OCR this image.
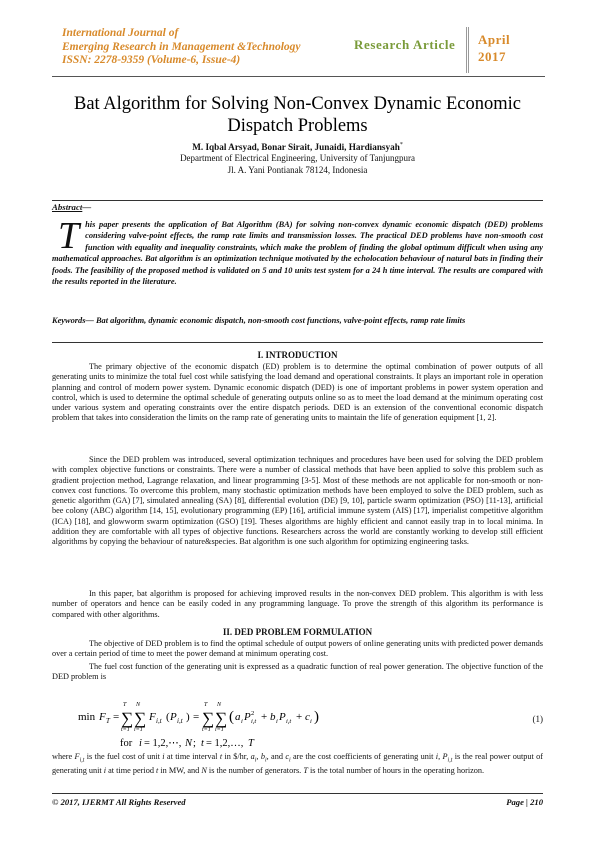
International Journal of
Emerging Research in Management &Technology
ISSN: 2278-9359 (Volume-6, Issue-4)
Research Article April
2017
Bat Algorithm for Solving Non-Convex Dynamic Economic
Dispatch Problems
M. Iqbal Arsyad, Bonar Sirait, Junaidi, Hardiansyah*
Department of Electrical Engineering, University of Tanjungpura
Jl. A. Yani Pontianak 78124, Indonesia
Abstract—
This paper presents the application of Bat Algorithm (BA) for solving non-convex dynamic economic dispatch (DED) problems considering valve-point effects, the ramp rate limits and transmission losses. The practical DED problems have non-smooth cost function with equality and inequality constraints, which make the problem of finding the global optimum difficult when using any mathematical approaches. Bat algorithm is an optimization technique motivated by the echolocation behaviour of natural bats in finding their foods. The feasibility of the proposed method is validated on 5 and 10 units test system for a 24 h time interval. The results are compared with the results reported in the literature.
Keywords— Bat algorithm, dynamic economic dispatch, non-smooth cost functions, valve-point effects, ramp rate limits
I. INTRODUCTION
The primary objective of the economic dispatch (ED) problem is to determine the optimal combination of power outputs of all generating units to minimize the total fuel cost while satisfying the load demand and operational constraints. It plays an important role in operation planning and control of modern power system. Dynamic economic dispatch (DED) is one of important problems in power system operation and control, which is used to determine the optimal schedule of generating outputs online so as to meet the load demand at the minimum operating cost under various system and operating constraints over the entire dispatch periods. DED is an extension of the conventional economic dispatch problem that takes into consideration the limits on the ramp rate of generating units to maintain the life of generation equipment [1, 2].
Since the DED problem was introduced, several optimization techniques and procedures have been used for solving the DED problem with complex objective functions or constraints. There were a number of classical methods that have been applied to solve this problem such as gradient projection method, Lagrange relaxation, and linear programming [3-5]. Most of these methods are not applicable for non-smooth or non-convex cost functions. To overcome this problem, many stochastic optimization methods have been employed to solve the DED problem, such as genetic algorithm (GA) [7], simulated annealing (SA) [8], differential evolution (DE) [9, 10], particle swarm optimization (PSO) [11-13], artificial bee colony (ABC) algorithm [14, 15], evolutionary programming (EP) [16], artificial immune system (AIS) [17], imperialist competitive algorithm (ICA) [18], and glowworm swarm optimization (GSO) [19]. Theses algorithms are highly efficient and cannot easily trap in to local minima. In addition they are comfortable with all types of objective functions. Researchers across the world are constantly working to develop still efficient algorithms by copying the behaviour of nature&species. Bat algorithm is one such algorithm for optimizing engineering tasks.
In this paper, bat algorithm is proposed for achieving improved results in the non-convex DED problem. This algorithm is with less number of operators and hence can be easily coded in any programming language. To prove the strength of this algorithm its performance is compared with other algorithms.
II. DED PROBLEM FORMULATION
The objective of DED problem is to find the optimal schedule of output powers of online generating units with predicted power demands over a certain period of time to meet the power demand at minimum operating cost.
The fuel cost function of the generating unit is expressed as a quadratic function of real power generation. The objective function of the DED problem is
min F T =
T
∑
t=1
N
∑
i=1
F i,t ( P i,t ) =
T
∑
t=1
N
∑
i=1
( a i P 2
i,t + b i P i,t + c i )
for i = 1,2,⋯, N ; t = 1,2,…, T
(1)
where $F_{i,t}$ is the fuel cost of unit i at time interval t in $/hr, $a_i$, $b_i$, and $c_i$ are the cost coefficients of generating unit i, $P_{i,t}$ is the real power output of generating unit i at time period t in MW, and N is the number of generators. T is the total number of hours in the operating horizon.
© 2017, IJERMT All Rights Reserved	Page | 210
